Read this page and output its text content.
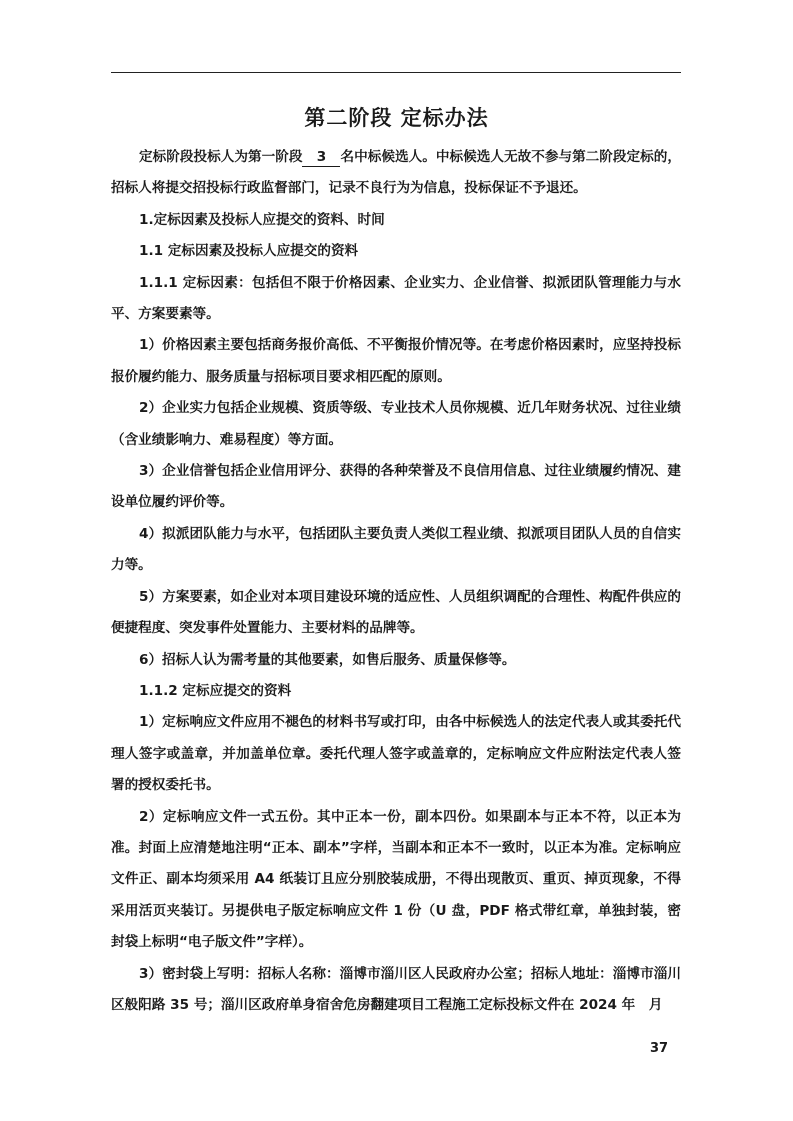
第二阶段 定标办法

定标阶段投标人为第一阶段 3 名中标候选人。中标候选人无故不参与第二阶段定标的，招标人将提交招投标行政监督部门，记录不良行为为信息，投标保证不予退还。

1.定标因素及投标人应提交的资料、时间

1.1 定标因素及投标人应提交的资料

1.1.1 定标因素：包括但不限于价格因素、企业实力、企业信誉、拟派团队管理能力与水平、方案要素等。

1）价格因素主要包括商务报价高低、不平衡报价情况等。在考虑价格因素时，应坚持投标报价履约能力、服务质量与招标项目要求相匹配的原则。

2）企业实力包括企业规模、资质等级、专业技术人员你规模、近几年财务状况、过往业绩（含业绩影响力、难易程度）等方面。

3）企业信誉包括企业信用评分、获得的各种荣誉及不良信用信息、过往业绩履约情况、建设单位履约评价等。

4）拟派团队能力与水平，包括团队主要负责人类似工程业绩、拟派项目团队人员的自信实力等。

5）方案要素，如企业对本项目建设环境的适应性、人员组织调配的合理性、构配件供应的便捷程度、突发事件处置能力、主要材料的品牌等。

6）招标人认为需考量的其他要素，如售后服务、质量保修等。

1.1.2 定标应提交的资料

1）定标响应文件应用不褪色的材料书写或打印，由各中标候选人的法定代表人或其委托代理人签字或盖章，并加盖单位章。委托代理人签字或盖章的，定标响应文件应附法定代表人签署的授权委托书。

2）定标响应文件一式五份。其中正本一份，副本四份。如果副本与正本不符，以正本为准。封面上应清楚地注明“正本、副本”字样，当副本和正本不一致时，以正本为准。定标响应文件正、副本均须采用 A4 纸装订且应分别胶装成册，不得出现散页、重页、掉页现象，不得采用活页夹装订。另提供电子版定标响应文件 1 份（U 盘，PDF 格式带红章，单独封装，密封袋上标明“电子版文件”字样）。

3）密封袋上写明：招标人名称：淄博市淄川区人民政府办公室；招标人地址：淄博市淄川区般阳路 35 号；淄川区政府单身宿舍危房翻建项目工程施工定标投标文件在 2024 年　月

37
